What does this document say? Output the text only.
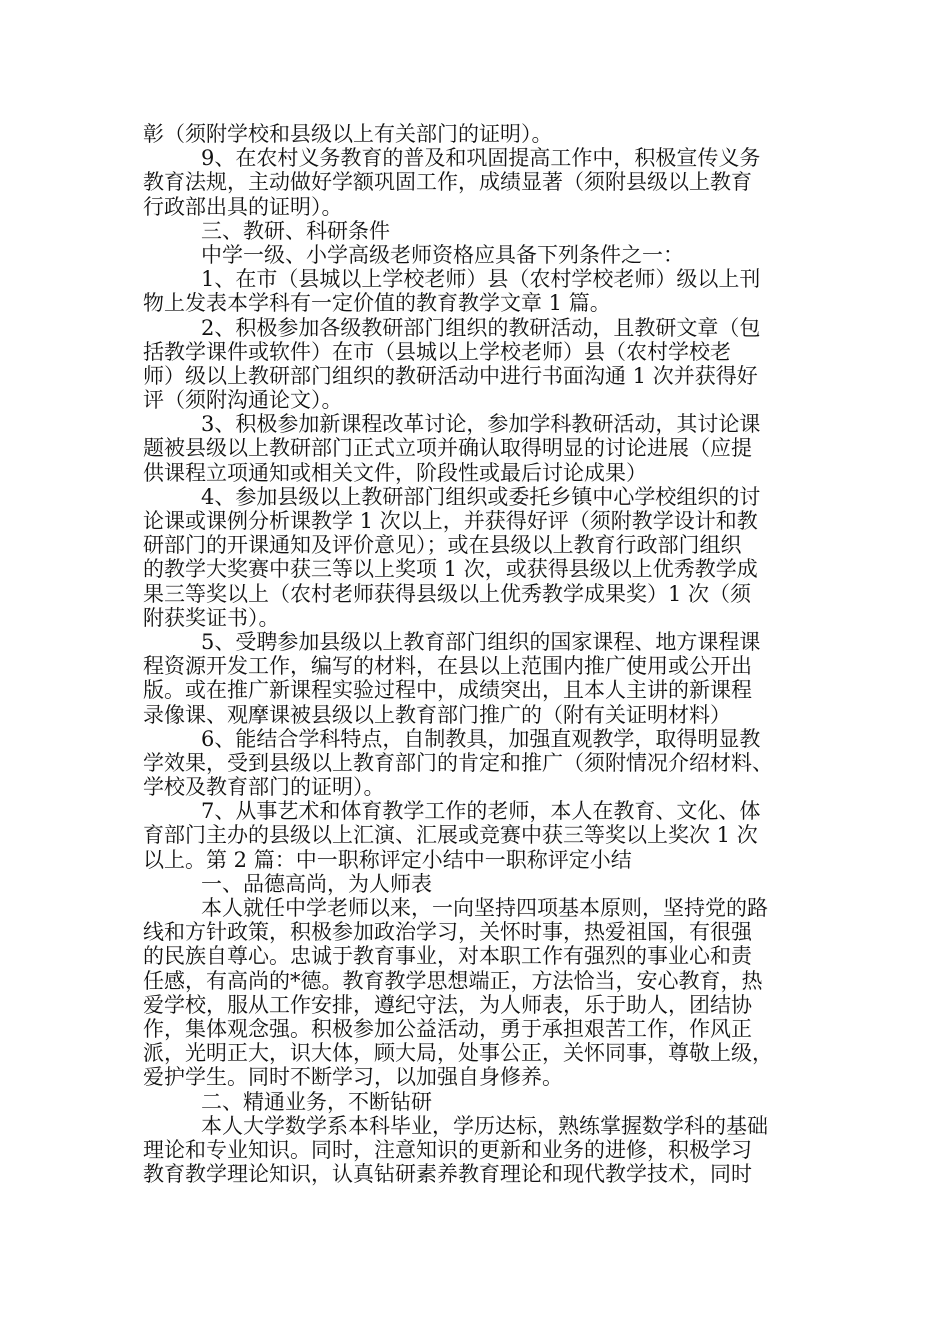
彰（须附学校和县级以上有关部门的证明）。
9、在农村义务教育的普及和巩固提高工作中，积极宣传义务
教育法规，主动做好学额巩固工作，成绩显著（须附县级以上教育
行政部出具的证明）。
三、教研、科研条件
中学一级、小学高级老师资格应具备下列条件之一：
1、在市（县城以上学校老师）县（农村学校老师）级以上刊
物上发表本学科有一定价值的教育教学文章 1 篇。
2、积极参加各级教研部门组织的教研活动，且教研文章（包
括教学课件或软件）在市（县城以上学校老师）县（农村学校老
师）级以上教研部门组织的教研活动中进行书面沟通 1 次并获得好
评（须附沟通论文）。
3、积极参加新课程改革讨论，参加学科教研活动，其讨论课
题被县级以上教研部门正式立项并确认取得明显的讨论进展（应提
供课程立项通知或相关文件，阶段性或最后讨论成果）
4、参加县级以上教研部门组织或委托乡镇中心学校组织的讨
论课或课例分析课教学 1 次以上，并获得好评（须附教学设计和教
研部门的开课通知及评价意见）；或在县级以上教育行政部门组织
的教学大奖赛中获三等以上奖项 1 次，或获得县级以上优秀教学成
果三等奖以上（农村老师获得县级以上优秀教学成果奖）1 次（须
附获奖证书）。
5、受聘参加县级以上教育部门组织的国家课程、地方课程课
程资源开发工作，编写的材料，在县以上范围内推广使用或公开出
版。或在推广新课程实验过程中，成绩突出，且本人主讲的新课程
录像课、观摩课被县级以上教育部门推广的（附有关证明材料）
6、能结合学科特点，自制教具，加强直观教学，取得明显教
学效果，受到县级以上教育部门的肯定和推广（须附情况介绍材料、
学校及教育部门的证明）。
7、从事艺术和体育教学工作的老师，本人在教育、文化、体
育部门主办的县级以上汇演、汇展或竞赛中获三等奖以上奖次 1 次
以上。第 2 篇：中一职称评定小结中一职称评定小结
一、品德高尚，为人师表
本人就任中学老师以来，一向坚持四项基本原则，坚持党的路
线和方针政策，积极参加政治学习，关怀时事，热爱祖国，有很强
的民族自尊心。忠诚于教育事业，对本职工作有强烈的事业心和责
任感，有高尚的*德。教育教学思想端正，方法恰当，安心教育，热
爱学校，服从工作安排，遵纪守法，为人师表，乐于助人，团结协
作，集体观念强。积极参加公益活动，勇于承担艰苦工作，作风正
派，光明正大，识大体，顾大局，处事公正，关怀同事，尊敬上级，
爱护学生。同时不断学习，以加强自身修养。
二、精通业务，不断钻研
本人大学数学系本科毕业，学历达标，熟练掌握数学科的基础
理论和专业知识。同时，注意知识的更新和业务的进修，积极学习
教育教学理论知识，认真钻研素养教育理论和现代教学技术，同时
